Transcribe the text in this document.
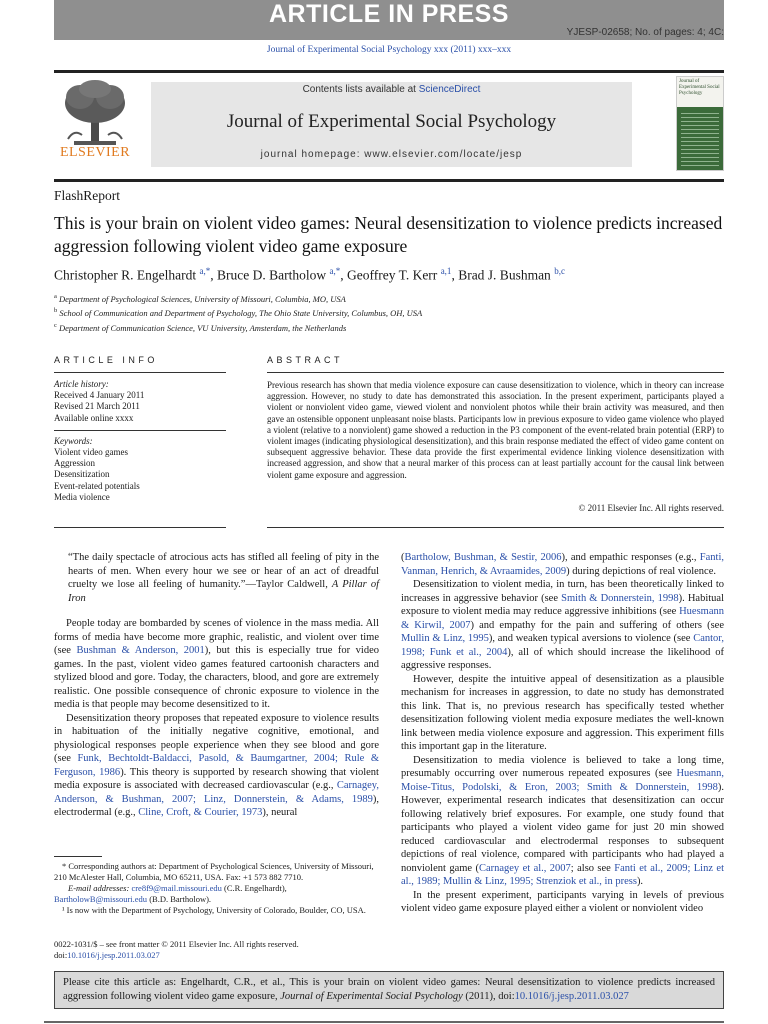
ARTICLE IN PRESS
YJESP-02658; No. of pages: 4; 4C:
Journal of Experimental Social Psychology xxx (2011) xxx–xxx
ELSEVIER
Contents lists available at ScienceDirect
Journal of Experimental Social Psychology
journal homepage: www.elsevier.com/locate/jesp
Journal of Experimental Social Psychology
FlashReport
This is your brain on violent video games: Neural desensitization to violence predicts increased aggression following violent video game exposure
Christopher R. Engelhardt $^{a,*}$, Bruce D. Bartholow $^{a,*}$, Geoffrey T. Kerr $^{a,1}$, Brad J. Bushman $^{b,c}$
$^a$ Department of Psychological Sciences, University of Missouri, Columbia, MO, USA
$^b$ School of Communication and Department of Psychology, The Ohio State University, Columbus, OH, USA
$^c$ Department of Communication Science, VU University, Amsterdam, the Netherlands
ARTICLE INFO	ABSTRACT
Article history:
Received 4 January 2011
Revised 21 March 2011
Available online xxxx
Keywords:
Violent video games
Aggression
Desensitization
Event-related potentials
Media violence
Previous research has shown that media violence exposure can cause desensitization to violence, which in theory can increase aggression. However, no study to date has demonstrated this association. In the present experiment, participants played a violent or nonviolent video game, viewed violent and nonviolent photos while their brain activity was measured, and then gave an ostensible opponent unpleasant noise blasts. Participants low in previous exposure to video game violence who played a violent (relative to a nonviolent) game showed a reduction in the P3 component of the event-related brain potential (ERP) to violent images (indicating physiological desensitization), and this brain response mediated the effect of video game content on subsequent aggressive behavior. These data provide the first experimental evidence linking violence desensitization with increased aggression, and show that a neural marker of this process can at least partially account for the causal link between violent game exposure and aggression.
© 2011 Elsevier Inc. All rights reserved.

“The daily spectacle of atrocious acts has stifled all feeling of pity in the hearts of men. When every hour we see or hear of an act of dreadful cruelty we lose all feeling of humanity.”—Taylor Caldwell, A Pillar of Iron

People today are bombarded by scenes of violence in the mass media. All forms of media have become more graphic, realistic, and violent over time (see Bushman & Anderson, 2001), but this is especially true for video games. In the past, violent video games featured cartoonish characters and stylized blood and gore. Today, the characters, blood, and gore are extremely realistic. One possible consequence of chronic exposure to violence in the media is that people may become desensitized to it.

Desensitization theory proposes that repeated exposure to violence results in habituation of the initially negative cognitive, emotional, and physiological responses people experience when they see blood and gore (see Funk, Bechtoldt-Baldacci, Pasold, & Baumgartner, 2004; Rule & Ferguson, 1986). This theory is supported by research showing that violent media exposure is associated with decreased cardiovascular (e.g., Carnagey, Anderson, & Bushman, 2007; Linz, Donnerstein, & Adams, 1989), electrodermal (e.g., Cline, Croft, & Courier, 1973), neural

* Corresponding authors at: Department of Psychological Sciences, University of Missouri, 210 McAlester Hall, Columbia, MO 65211, USA. Fax: +1 573 882 7710.
E-mail addresses: cre8f9@mail.missouri.edu (C.R. Engelhardt),
BartholowB@missouri.edu (B.D. Bartholow).
¹ Is now with the Department of Psychology, University of Colorado, Boulder, CO, USA.
0022-1031/$ – see front matter © 2011 Elsevier Inc. All rights reserved.
doi:10.1016/j.jesp.2011.03.027

(Bartholow, Bushman, & Sestir, 2006), and empathic responses (e.g., Fanti, Vanman, Henrich, & Avraamides, 2009) during depictions of real violence.

Desensitization to violent media, in turn, has been theoretically linked to increases in aggressive behavior (see Smith & Donnerstein, 1998). Habitual exposure to violent media may reduce aggressive inhibitions (see Huesmann & Kirwil, 2007) and empathy for the pain and suffering of others (see Mullin & Linz, 1995), and weaken typical aversions to violence (see Cantor, 1998; Funk et al., 2004), all of which should increase the likelihood of aggressive responses.

However, despite the intuitive appeal of desensitization as a plausible mechanism for increases in aggression, to date no study has demonstrated this link. That is, no previous research has specifically tested whether desensitization following violent media exposure mediates the well-known link between media violence exposure and aggression. This experiment fills this important gap in the literature.

Desensitization to media violence is believed to take a long time, presumably occurring over numerous repeated exposures (see Huesmann, Moise-Titus, Podolski, & Eron, 2003; Smith & Donnerstein, 1998). However, experimental research indicates that desensitization can occur following relatively brief exposures. For example, one study found that participants who played a violent video game for just 20 min showed reduced cardiovascular and electrodermal responses to subsequent depictions of real violence, compared with participants who had played a nonviolent game (Carnagey et al., 2007; also see Fanti et al., 2009; Linz et al., 1989; Mullin & Linz, 1995; Strenziok et al., in press).

In the present experiment, participants varying in levels of previous violent video game exposure played either a violent or nonviolent video

Please cite this article as: Engelhardt, C.R., et al., This is your brain on violent video games: Neural desensitization to violence predicts increased aggression following violent video game exposure, Journal of Experimental Social Psychology (2011), doi:10.1016/j.jesp.2011.03.027
